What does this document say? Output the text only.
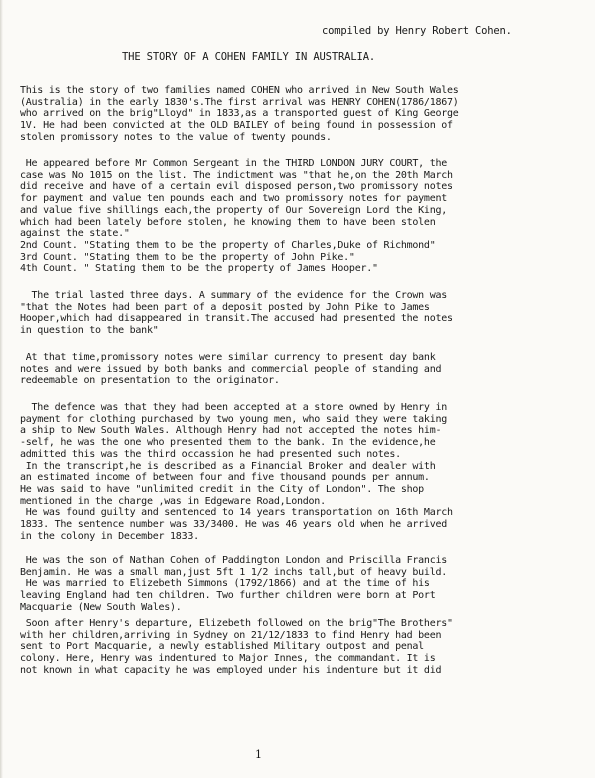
compiled by Henry Robert Cohen.
THE STORY OF A COHEN FAMILY IN AUSTRALIA.
This is the story of two families named COHEN who arrived in New South Wales
(Australia) in the early 1830's.The first arrival was HENRY COHEN(1786/1867)
who arrived on the brig"Lloyd" in 1833,as a transported guest of King George
1V. He had been convicted at the OLD BAILEY of being found in possession of
stolen promissory notes to the value of twenty pounds.
He appeared before Mr Common Sergeant in the THIRD LONDON JURY COURT, the
case was No 1015 on the list. The indictment was "that he,on the 20th March
did receive and have of a certain evil disposed person,two promissory notes
for payment and value ten pounds each and two promissory notes for payment
and value five shillings each,the property of Our Sovereign Lord the King,
which had been lately before stolen, he knowing them to have been stolen
against the state."
2nd Count. "Stating them to be the property of Charles,Duke of Richmond"
3rd Count. "Stating them to be the property of John Pike."
4th Count. " Stating them to be the property of James Hooper."
The trial lasted three days. A summary of the evidence for the Crown was
"that the Notes had been part of a deposit posted by John Pike to James
Hooper,which had disappeared in transit.The accused had presented the notes
in question to the bank"
At that time,promissory notes were similar currency to present day bank
notes and were issued by both banks and commercial people of standing and
redeemable on presentation to the originator.
The defence was that they had been accepted at a store owned by Henry in
payment for clothing purchased by two young men, who said they were taking
a ship to New South Wales. Although Henry had not accepted the notes him-
-self, he was the one who presented them to the bank. In the evidence,he
admitted this was the third occassion he had presented such notes.
In the transcript,he is described as a Financial Broker and dealer with
an estimated income of between four and five thousand pounds per annum.
He was said to have "unlimited credit in the City of London". The shop
mentioned in the charge ,was in Edgeware Road,London.
He was found guilty and sentenced to 14 years transportation on 16th March
1833. The sentence number was 33/3400. He was 46 years old when he arrived
in the colony in December 1833.
He was the son of Nathan Cohen of Paddington London and Priscilla Francis
Benjamin. He was a small man,just 5ft 1 1/2 inchs tall,but of heavy build.
He was married to Elizebeth Simmons (1792/1866) and at the time of his
leaving England had ten children. Two further children were born at Port
Macquarie (New South Wales).
Soon after Henry's departure, Elizebeth followed on the brig"The Brothers"
with her children,arriving in Sydney on 21/12/1833 to find Henry had been
sent to Port Macquarie, a newly established Military outpost and penal
colony. Here, Henry was indentured to Major Innes, the commandant. It is
not known in what capacity he was employed under his indenture but it did
1
